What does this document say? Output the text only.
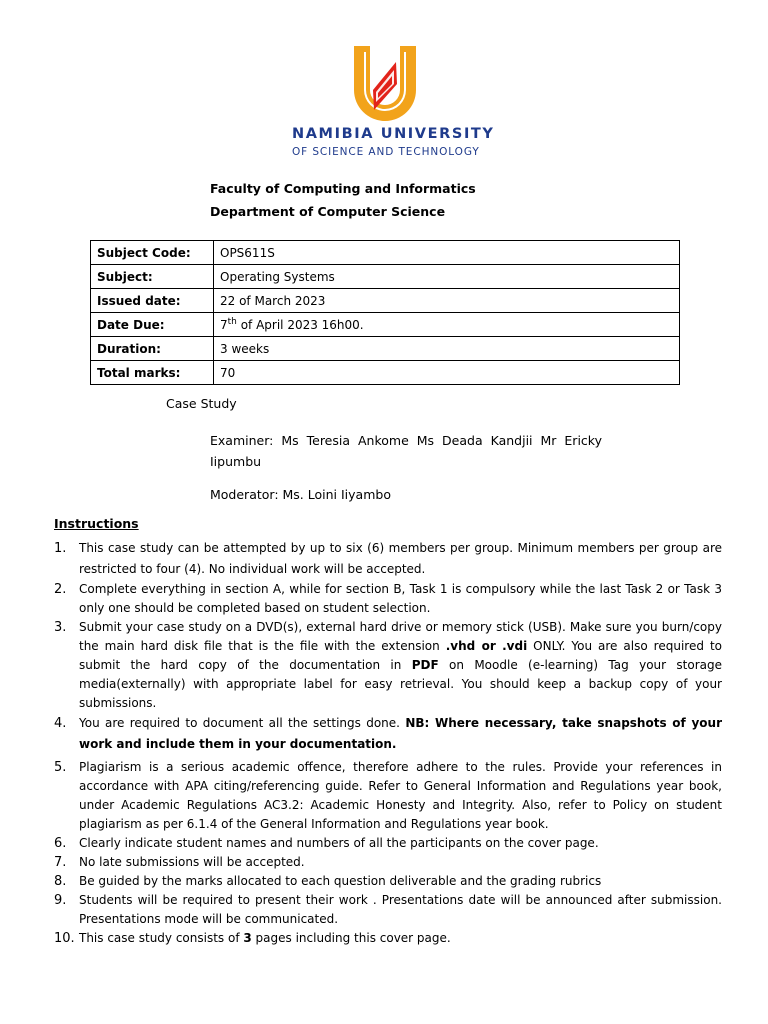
NAMIBIA UNIVERSITY
OF SCIENCE AND TECHNOLOGY
Faculty of Computing and Informatics
Department of Computer Science
Subject Code:	OPS611S
Subject:	Operating Systems
Issued date:	22 of March 2023
Date Due:	7th of April 2023 16h00.
Duration:	3 weeks
Total marks:	70
Case Study
Examiner: Ms Teresia Ankome Ms Deada Kandjii Mr Ericky Iipumbu
Moderator: Ms. Loini Iiyambo
Instructions
1. This case study can be attempted by up to six (6) members per group. Minimum members per group are restricted to four (4). No individual work will be accepted.
2. Complete everything in section A, while for section B, Task 1 is compulsory while the last Task 2 or Task 3 only one should be completed based on student selection.
3. Submit your case study on a DVD(s), external hard drive or memory stick (USB). Make sure you burn/copy the main hard disk file that is the file with the extension .vhd or .vdi ONLY. You are also required to submit the hard copy of the documentation in PDF on Moodle (e-learning) Tag your storage media(externally) with appropriate label for easy retrieval. You should keep a backup copy of your submissions.
4. You are required to document all the settings done. NB: Where necessary, take snapshots of your work and include them in your documentation.
5. Plagiarism is a serious academic offence, therefore adhere to the rules. Provide your references in accordance with APA citing/referencing guide. Refer to General Information and Regulations year book, under Academic Regulations AC3.2: Academic Honesty and Integrity. Also, refer to Policy on student plagiarism as per 6.1.4 of the General Information and Regulations year book.
6. Clearly indicate student names and numbers of all the participants on the cover page.
7. No late submissions will be accepted.
8. Be guided by the marks allocated to each question deliverable and the grading rubrics
9. Students will be required to present their work . Presentations date will be announced after submission. Presentations mode will be communicated.
10. This case study consists of 3 pages including this cover page.
